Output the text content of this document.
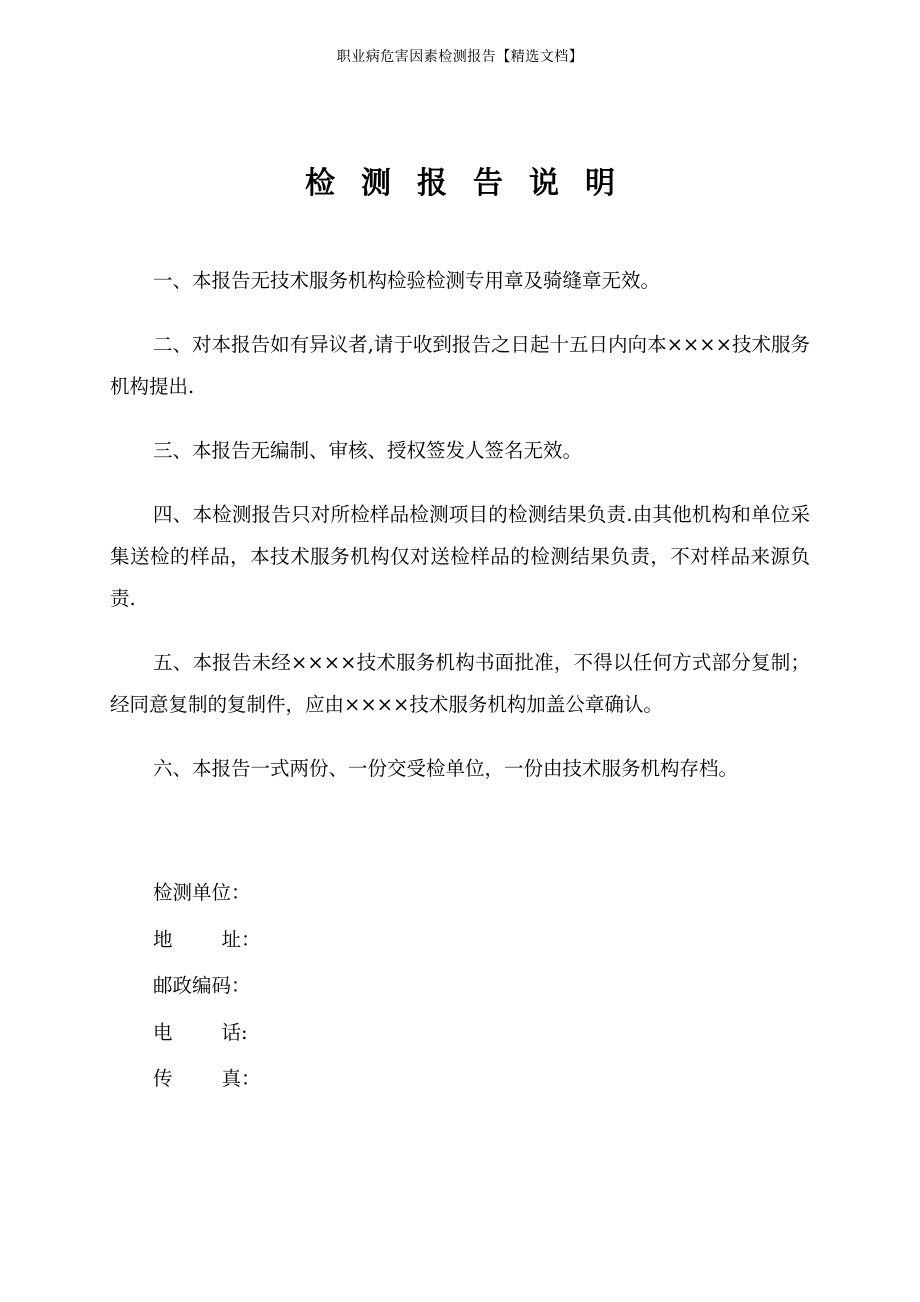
职业病危害因素检测报告【精选文档】
检测报告说明

一、本报告无技术服务机构检验检测专用章及骑缝章无效。

二、对本报告如有异议者,请于收到报告之日起十五日内向本××××技术服务机构提出.

三、本报告无编制、审核、授权签发人签名无效。

四、本检测报告只对所检样品检测项目的检测结果负责.由其他机构和单位采集送检的样品，本技术服务机构仅对送检样品的检测结果负责，不对样品来源负责.

五、本报告未经××××技术服务机构书面批准，不得以任何方式部分复制；经同意复制的复制件，应由××××技术服务机构加盖公章确认。

六、本报告一式两份、一份交受检单位，一份由技术服务机构存档。

检测单位：
地址：
邮政编码：
电话:
传真：
